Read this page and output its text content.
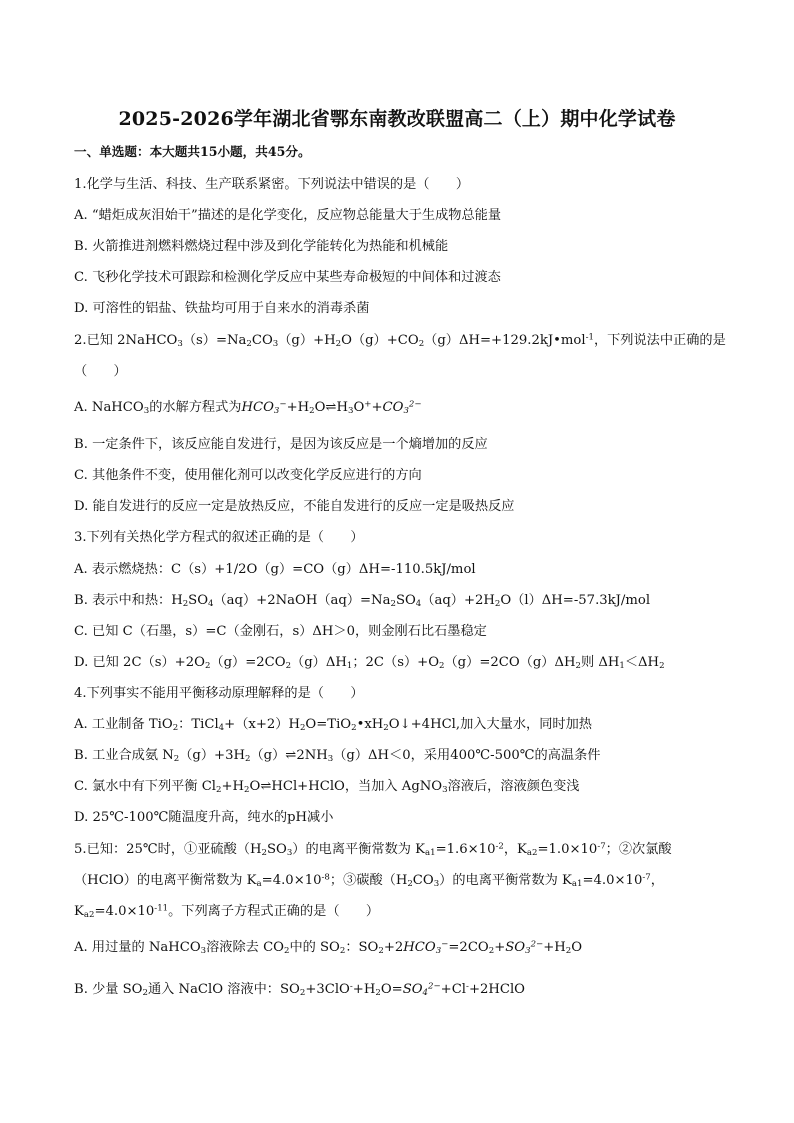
2025-2026学年湖北省鄂东南教改联盟高二（上）期中化学试卷
一、单选题：本大题共15小题，共45分。
1.化学与生活、科技、生产联系紧密。下列说法中错误的是（　　）
A. “蜡炬成灰泪始干”描述的是化学变化，反应物总能量大于生成物总能量
B. 火箭推进剂燃料燃烧过程中涉及到化学能转化为热能和机械能
C. 飞秒化学技术可跟踪和检测化学反应中某些寿命极短的中间体和过渡态
D. 可溶性的铝盐、铁盐均可用于自来水的消毒杀菌
2.已知 $2NaHCO_3(s)=Na_2CO_3(g)+H_2O(g)+CO_2(g)\Delta H=+129.2kJ•mol^{-1}$，下列说法中正确的是
（　　）
A. NaHCO$_3$的水解方程式为$HCO_3^-+H_2O\rightleftharpoons H_3O^++CO_3^{2-}$
B. 一定条件下，该反应能自发进行，是因为该反应是一个熵增加的反应
C. 其他条件不变，使用催化剂可以改变化学反应进行的方向
D. 能自发进行的反应一定是放热反应，不能自发进行的反应一定是吸热反应
3.下列有关热化学方程式的叙述正确的是（　　）
A. 表示燃烧热：C（s）+1/2O（g）=CO（g）ΔH=-110.5kJ/mol
B. 表示中和热：$H_2SO_4(aq)+2NaOH(aq)=Na_2SO_4(aq)+2H_2O(l)\Delta H=-57.3kJ$/mol
C. 已知 C（石墨，s）=C（金刚石，s）ΔH＞0，则金刚石比石墨稳定
D. 已知 $2C(s)+2O_2(g)=2CO_2(g)\Delta H_1$；$2C(s)+O_2(g)=2CO(g)\Delta H_2$则 $\Delta H_1<\Delta H_2$
4.下列事实不能用平衡移动原理解释的是（　　）
A. 工业制备 TiO$_2$：$TiCl_4+(x+2)H_2O=TiO_2•xH_2O↓+4HCl$,加入大量水，同时加热
B. 工业合成氨 $N_2(g)+3H_2(g)\rightleftharpoons 2NH_3(g)\Delta H<0$，采用400℃-500℃的高温条件
C. 氯水中有下列平衡 $Cl_2+H_2O\rightleftharpoons HCl+HClO$，当加入 AgNO$_3$溶液后，溶液颜色变浅
D. 25℃-100℃随温度升高，纯水的pH减小
5.已知：25℃时，①亚硫酸$(H_2SO_3)$的电离平衡常数为 $K_{a1}=1.6\times 10^{-2}$，$K_{a2}=1.0\times 10^{-7}$；②次氯酸
（HClO）的电离平衡常数为 $K_a=4.0\times 10^{-8}$；③碳酸$(H_2CO_3)$的电离平衡常数为 $K_{a1}=4.0\times 10^{-7}$，
$K_{a2}=4.0\times 10^{-11}$。下列离子方程式正确的是（　　）
A. 用过量的 NaHCO$_3$溶液除去 $CO_2$中的 $SO_2$：$SO_2+2HCO_3^-=2CO_2+SO_3^{2-}+H_2O$
B. 少量 $SO_2$通入 NaClO 溶液中：$SO_2+3ClO^-+H_2O=SO_4^{2-}+Cl^-+2HClO$
